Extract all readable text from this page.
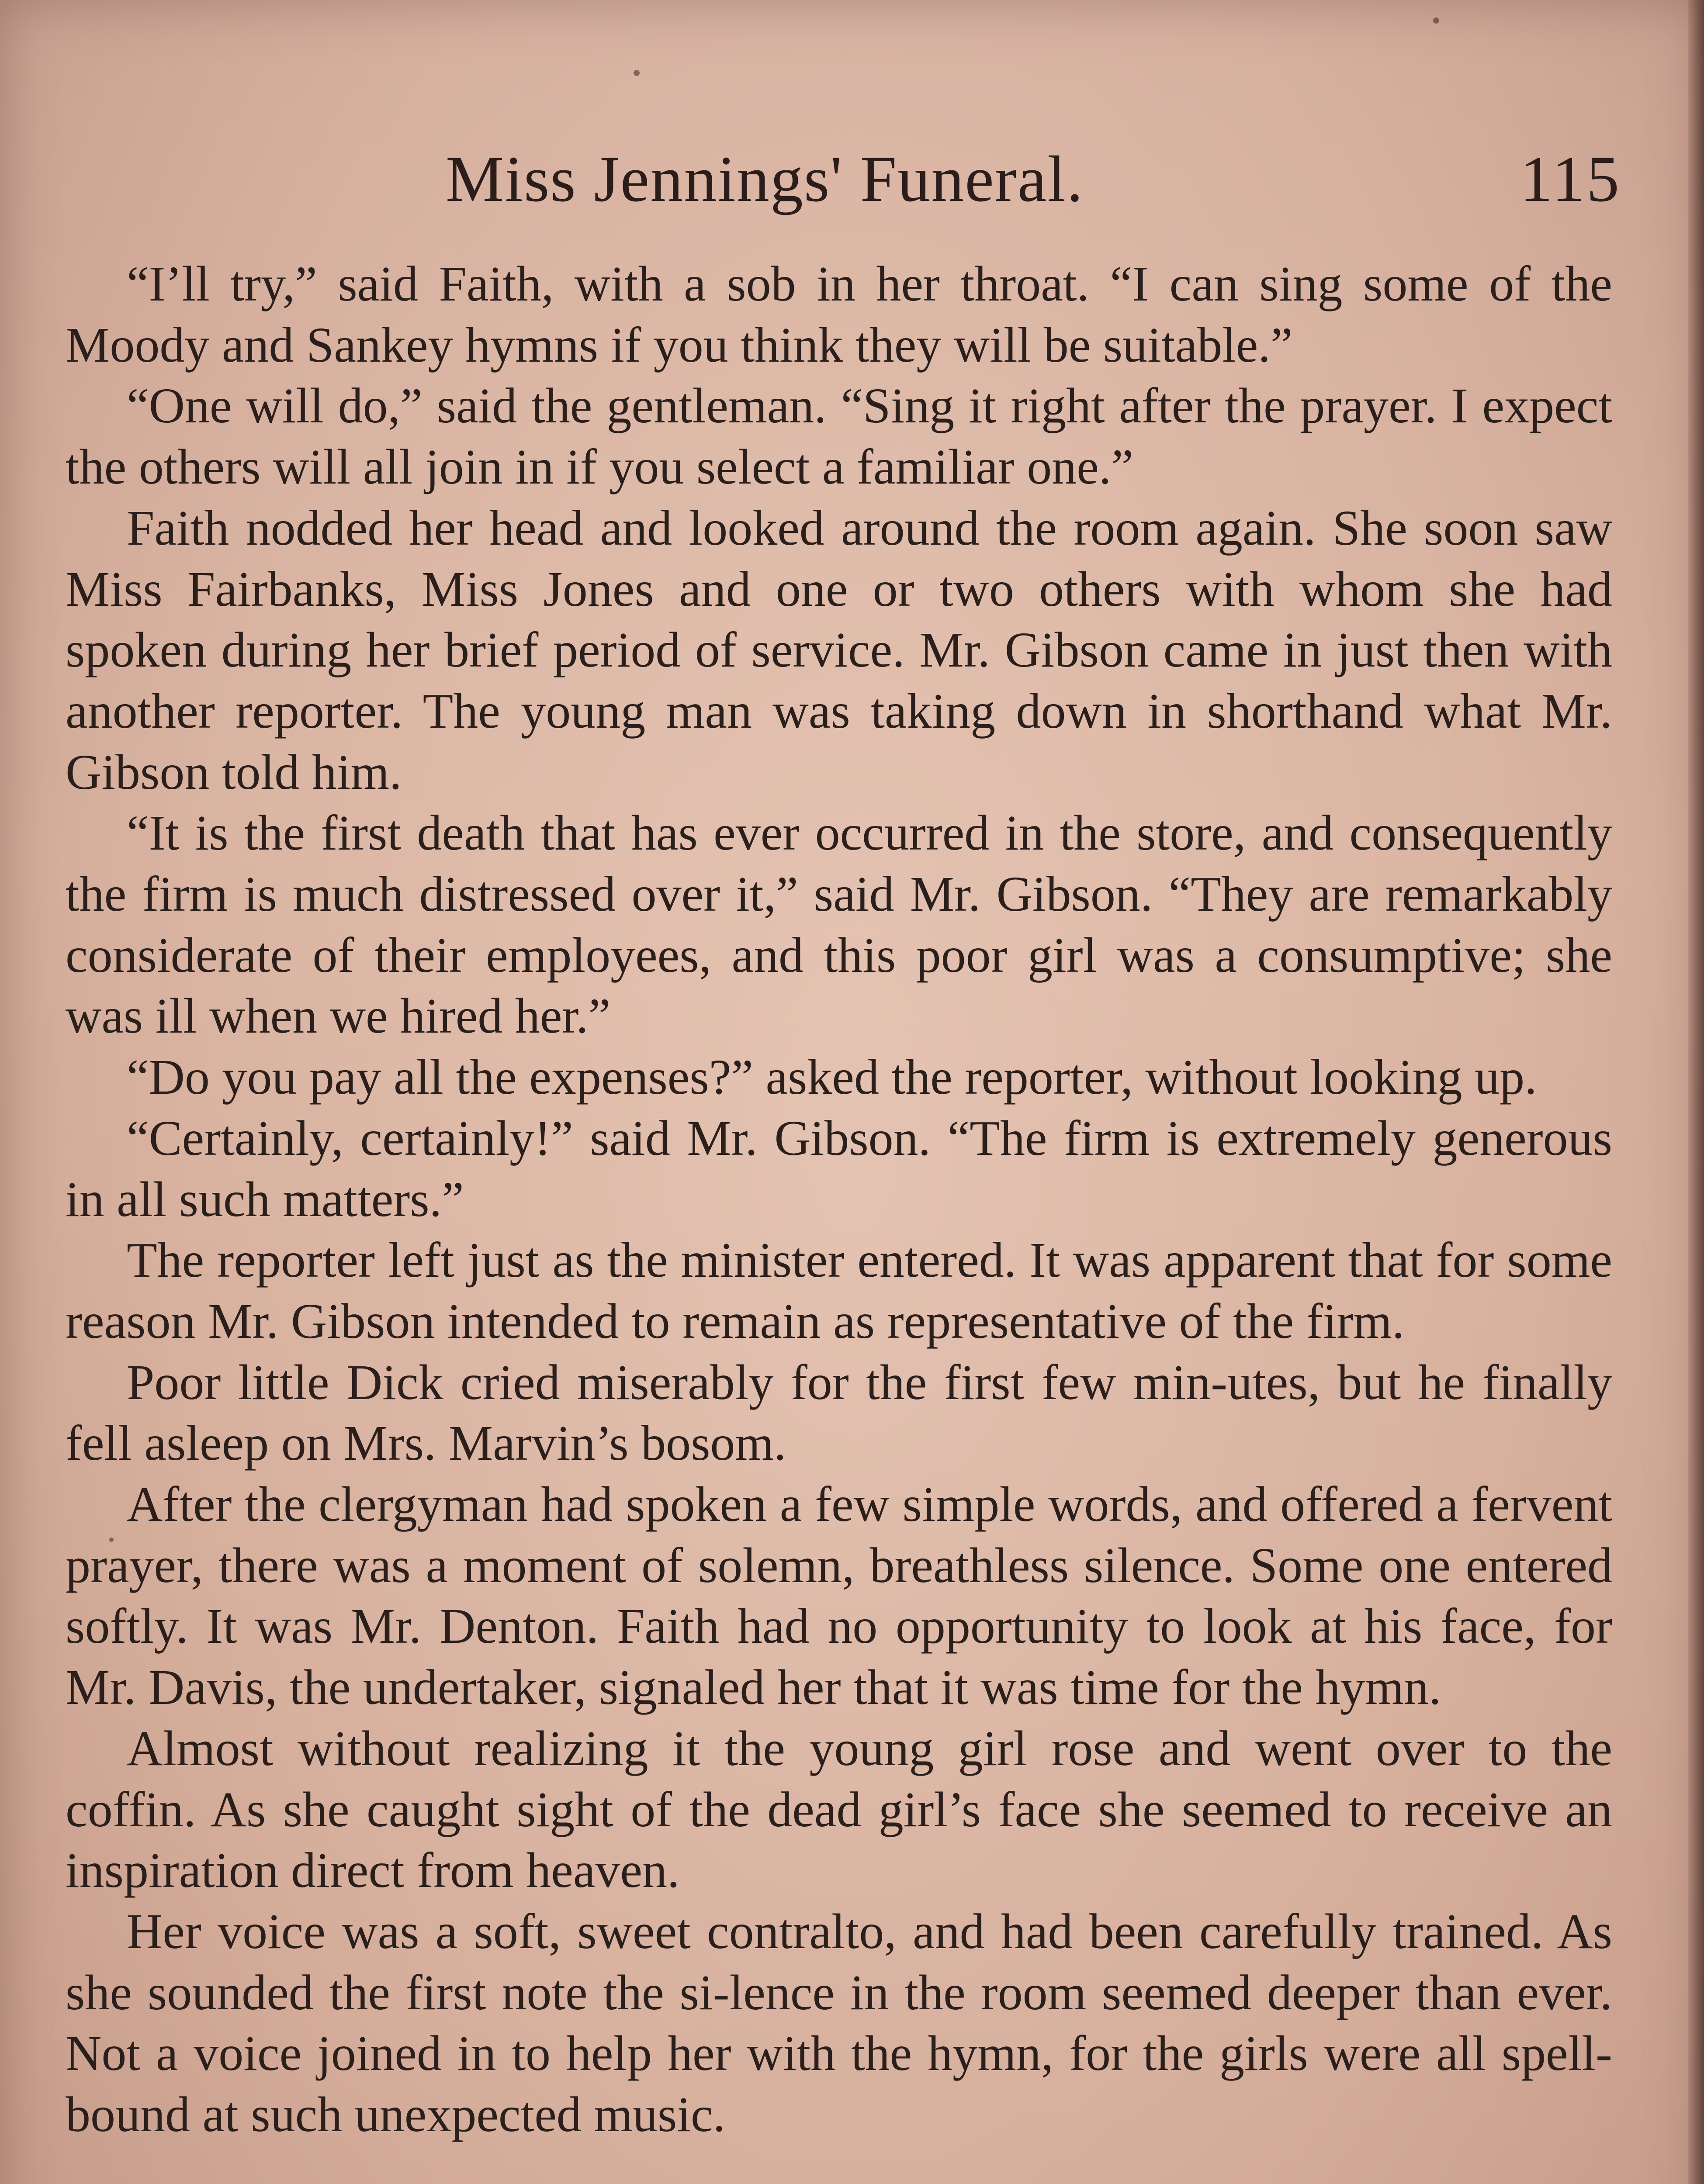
Miss Jennings' Funeral.	115

“I’ll try,” said Faith, with a sob in her throat. “I can sing some of the Moody and Sankey hymns if you think they will be suitable.”

“One will do,” said the gentleman. “Sing it right after the prayer. I expect the others will all join in if you select a familiar one.”

Faith nodded her head and looked around the room again. She soon saw Miss Fairbanks, Miss Jones and one or two others with whom she had spoken during her brief period of service. Mr. Gibson came in just then with another reporter. The young man was taking down in shorthand what Mr. Gibson told him.

“It is the first death that has ever occurred in the store, and consequently the firm is much distressed over it,” said Mr. Gibson. “They are remarkably considerate of their employees, and this poor girl was a consumptive; she was ill when we hired her.”

“Do you pay all the expenses?” asked the reporter, without looking up.

“Certainly, certainly!” said Mr. Gibson. “The firm is extremely generous in all such matters.”

The reporter left just as the minister entered. It was apparent that for some reason Mr. Gibson intended to remain as representative of the firm.

Poor little Dick cried miserably for the first few min-utes, but he finally fell asleep on Mrs. Marvin’s bosom.

After the clergyman had spoken a few simple words, and offered a fervent prayer, there was a moment of solemn, breathless silence. Some one entered softly. It was Mr. Denton. Faith had no opportunity to look at his face, for Mr. Davis, the undertaker, signaled her that it was time for the hymn.

Almost without realizing it the young girl rose and went over to the coffin. As she caught sight of the dead girl’s face she seemed to receive an inspiration direct from heaven.

Her voice was a soft, sweet contralto, and had been carefully trained. As she sounded the first note the si-lence in the room seemed deeper than ever. Not a voice joined in to help her with the hymn, for the girls were all spell-bound at such unexpected music.
